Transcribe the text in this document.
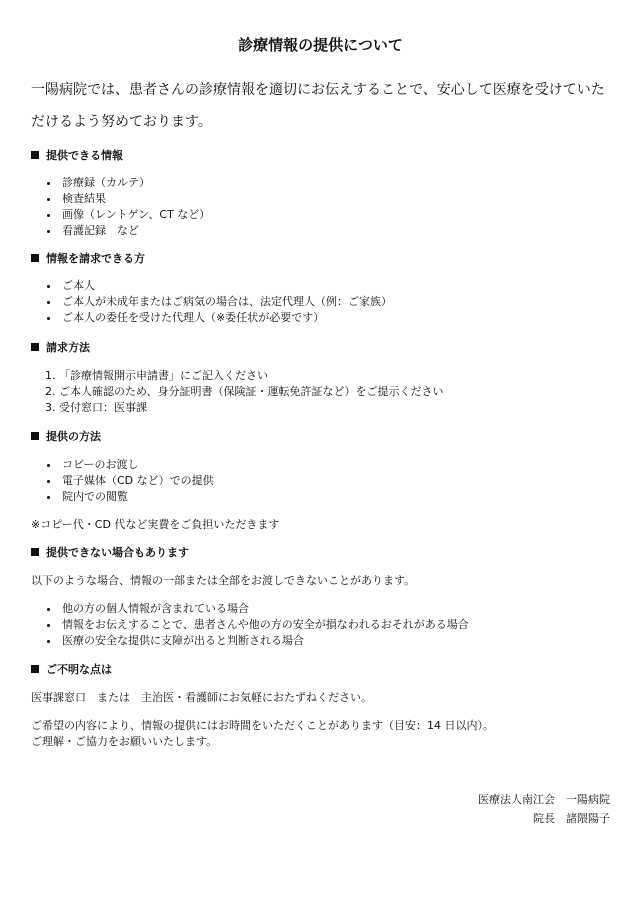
診療情報の提供について
一陽病院では、患者さんの診療情報を適切にお伝えすることで、安心して医療を受けていただけるよう努めております。
提供できる情報
診療録（カルテ）
検査結果
画像（レントゲン、CT など）
看護記録　など
情報を請求できる方
ご本人
ご本人が未成年またはご病気の場合は、法定代理人（例：ご家族）
ご本人の委任を受けた代理人（※委任状が必要です）
請求方法
1. 「診療情報開示申請書」にご記入ください
2. ご本人確認のため、身分証明書（保険証・運転免許証など）をご提示ください
3. 受付窓口：医事課
提供の方法
コピーのお渡し
電子媒体（CD など）での提供
院内での閲覧
※コピー代・CD 代など実費をご負担いただきます
提供できない場合もあります
以下のような場合、情報の一部または全部をお渡しできないことがあります。
他の方の個人情報が含まれている場合
情報をお伝えすることで、患者さんや他の方の安全が損なわれるおそれがある場合
医療の安全な提供に支障が出ると判断される場合
ご不明な点は
医事課窓口　または　主治医・看護師にお気軽におたずねください。
ご希望の内容により、情報の提供にはお時間をいただくことがあります（目安：14 日以内）。
ご理解・ご協力をお願いいたします。
医療法人南江会　一陽病院
院長　諸隈陽子
